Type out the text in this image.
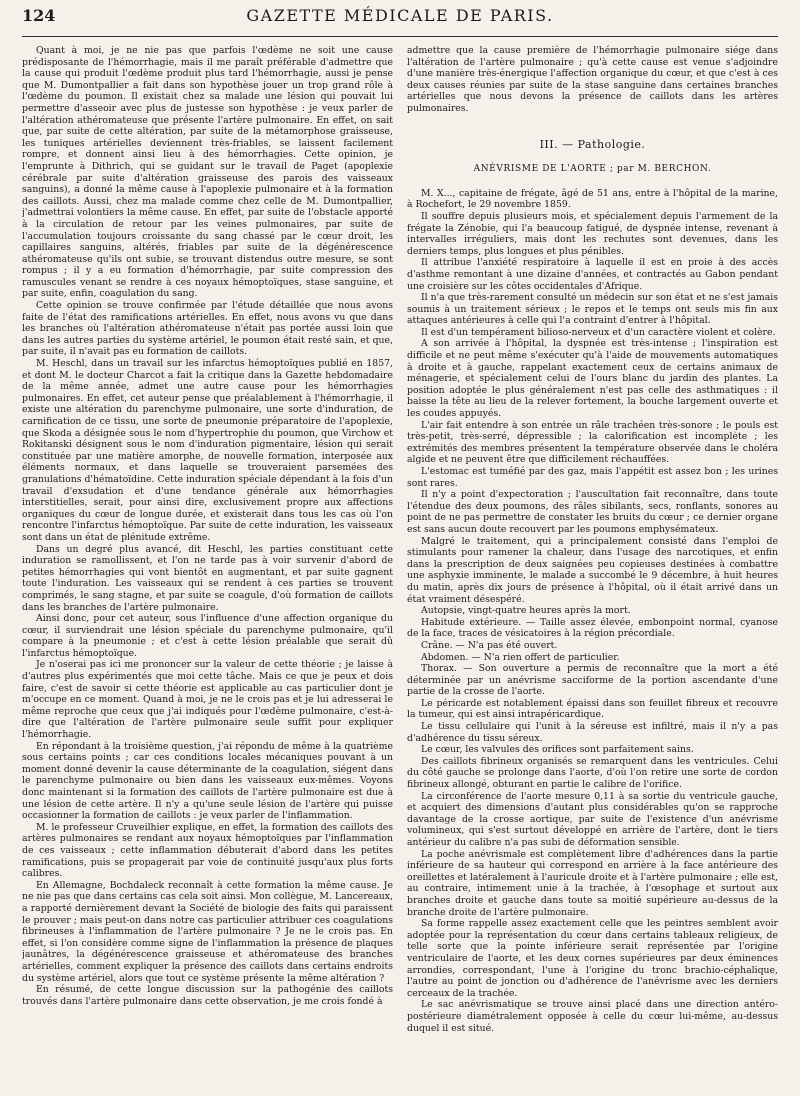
124	GAZETTE MÉDICALE DE PARIS.

Quant à moi, je ne nie pas que parfois l'œdème ne soit une cause prédisposante de l'hémorrhagie, mais il me paraît préférable d'admettre que la cause qui produit l'œdème produit plus tard l'hémorrhagie, aussi je pense que M. Dumontpallier a fait dans son hypothèse jouer un trop grand rôle à l'œdème du poumon. Il existait chez sa malade une lésion qui pouvait lui permettre d'asseoir avec plus de justesse son hypothèse : je veux parler de l'altération athéromateuse que présente l'artère pulmonaire. En effet, on sait que, par suite de cette altération, par suite de la métamorphose graisseuse, les tuniques artérielles deviennent très-friables, se laissent facilement rompre, et donnent ainsi lieu à des hémorrhagies. Cette opinion, je l'emprunte à Dithrich, qui se guidant sur le travail de Paget (apoplexie cérébrale par suite d'altération graisseuse des parois des vaisseaux sanguins), a donné la même cause à l'apoplexie pulmonaire et à la formation des caillots. Aussi, chez ma malade comme chez celle de M. Dumontpallier, j'admettrai volontiers la même cause. En effet, par suite de l'obstacle apporté à la circulation de retour par les veines pulmonaires, par suite de l'accumulation toujours croissante du sang chassé par le cœur droit, les capillaires sanguins, altérés, friables par suite de la dégénérescence athéromateuse qu'ils ont subie, se trouvant distendus outre mesure, se sont rompus ; il y a eu formation d'hémorrhagie, par suite compression des ramuscules venant se rendre à ces noyaux hémoptoïques, stase sanguine, et par suite, enfin, coagulation du sang.

Cette opinion se trouve confirmée par l'étude détaillée que nous avons faite de l'état des ramifications artérielles. En effet, nous avons vu que dans les branches où l'altération athéromateuse n'était pas portée aussi loin que dans les autres parties du système artériel, le poumon était resté sain, et que, par suite, il n'avait pas eu formation de caillots.

M. Heschl, dans un travail sur les infarctus hémoptoïques publié en 1857, et dont M. le docteur Charcot a fait la critique dans la Gazette hebdomadaire de la même année, admet une autre cause pour les hémorrhagies pulmonaires. En effet, cet auteur pense que préalablement à l'hémorrhagie, il existe une altération du parenchyme pulmonaire, une sorte d'induration, de carnification de ce tissu, une sorte de pneumonie préparatoire de l'apoplexie, que Skoda a désignée sous le nom d'hypertrophie du poumon, que Virchow et Rokitanski désignent sous le nom d'induration pigmentaire, lésion qui serait constituée par une matière amorphe, de nouvelle formation, interposée aux éléments normaux, et dans laquelle se trouveraient parsemées des granulations d'hématoïdine. Cette induration spéciale dépendant à la fois d'un travail d'exsudation et d'une tendance générale aux hémorrhagies interstitielles, serait, pour ainsi dire, exclusivement propre aux affections organiques du cœur de longue durée, et existerait dans tous les cas où l'on rencontre l'infarctus hémoptoïque. Par suite de cette induration, les vaisseaux sont dans un état de plénitude extrême.

Dans un degré plus avancé, dit Heschl, les parties constituant cette induration se ramollissent, et l'on ne tarde pas à voir survenir d'abord de petites hémorrhagies qui vont bientôt en augmentant, et par suite gagnent toute l'induration. Les vaisseaux qui se rendent à ces parties se trouvent comprimés, le sang stagne, et par suite se coagule, d'où formation de caillots dans les branches de l'artère pulmonaire.

Ainsi donc, pour cet auteur, sous l'influence d'une affection organique du cœur, il surviendrait une lésion spéciale du parenchyme pulmonaire, qu'il compare à la pneumonie ; et c'est à cette lésion préalable que serait dû l'infarctus hémoptoïque.

Je n'oserai pas ici me prononcer sur la valeur de cette théorie ; je laisse à d'autres plus expérimentés que moi cette tâche. Mais ce que je peux et dois faire, c'est de savoir si cette théorie est applicable au cas particulier dont je m'occupe en ce moment. Quand à moi, je ne le crois pas et je lui adresserai le même reproche que ceux que j'ai indiqués pour l'œdème pulmonaire, c'est-à-dire que l'altération de l'artère pulmonaire seule suffit pour expliquer l'hémorrhagie.

En répondant à la troisième question, j'ai répondu de même à la quatrième sous certains points ; car ces conditions locales mécaniques pouvant à un moment donné devenir la cause déterminante de la coagulation, siégent dans le parenchyme pulmonaire ou bien dans les vaisseaux eux-mêmes. Voyons donc maintenant si la formation des caillots de l'artère pulmonaire est due à une lésion de cette artère. Il n'y a qu'une seule lésion de l'artère qui puisse occasionner la formation de caillots : je veux parler de l'inflammation.

M. le professeur Cruveilhier explique, en effet, la formation des caillots des artères pulmonaires se rendant aux noyaux hémoptoïques par l'inflammation de ces vaisseaux ; cette inflammation débuterait d'abord dans les petites ramifications, puis se propagerait par voie de continuité jusqu'aux plus forts calibres.

En Allemagne, Bochdaleck reconnaît à cette formation la même cause. Je ne nie pas que dans certains cas cela soit ainsi. Mon collègue, M. Lancereaux, a rapporté dernièrement devant la Société de biologie des faits qui paraissent le prouver ; mais peut-on dans notre cas particulier attribuer ces coagulations fibrineuses à l'inflammation de l'artère pulmonaire ? Je ne le crois pas. En effet, si l'on considère comme signe de l'inflammation la présence de plaques jaunâtres, la dégénérescence graisseuse et athéromateuse des branches artérielles, comment expliquer la présence des caillots dans certains endroits du système artériel, alors que tout ce système présente la même altération ?

En résumé, de cette longue discussion sur la pathogénie des caillots trouvés dans l'artère pulmonaire dans cette observation, je me crois fondé à

admettre que la cause première de l'hémorrhagie pulmonaire siége dans l'altération de l'artère pulmonaire ; qu'à cette cause est venue s'adjoindre d'une manière très-énergique l'affection organique du cœur, et que c'est à ces deux causes réunies par suite de la stase sanguine dans certaines branches artérielles que nous devons la présence de caillots dans les artères pulmonaires.

III. — Pathologie.
ANÉVRISME DE L'AORTE ; par M. BERCHON.

M. X..., capitaine de frégate, âgé de 51 ans, entre à l'hôpital de la marine, à Rochefort, le 29 novembre 1859.

Il souffre depuis plusieurs mois, et spécialement depuis l'armement de la frégate la Zénobie, qui l'a beaucoup fatigué, de dyspnée intense, revenant à intervalles irréguliers, mais dont les rechutes sont devenues, dans les derniers temps, plus longues et plus pénibles.

Il attribue l'anxiété respiratoire à laquelle il est en proie à des accès d'asthme remontant à une dizaine d'années, et contractés au Gabon pendant une croisière sur les côtes occidentales d'Afrique.

Il n'a que très-rarement consulté un médecin sur son état et ne s'est jamais soumis à un traitement sérieux ; le repos et le temps ont seuls mis fin aux attaques antérieures à celle qui l'a contraint d'entrer à l'hôpital.

Il est d'un tempérament bilioso-nerveux et d'un caractère violent et colère.

A son arrivée à l'hôpital, la dyspnée est très-intense ; l'inspiration est difficile et ne peut même s'exécuter qu'à l'aide de mouvements automatiques à droite et à gauche, rappelant exactement ceux de certains animaux de ménagerie, et spécialement celui de l'ours blanc du jardin des plantes. La position adoptée le plus généralement n'est pas celle des asthmatiques : il baisse la tête au lieu de la relever fortement, la bouche largement ouverte et les coudes appuyés.

L'air fait entendre à son entrée un râle trachéen très-sonore ; le pouls est très-petit, très-serré, dépressible ; la calorification est incomplète ; les extrémités des membres présentent la température observée dans le choléra algide et ne peuvent être que difficilement réchauffées.

L'estomac est tuméfié par des gaz, mais l'appétit est assez bon ; les urines sont rares.

Il n'y a point d'expectoration ; l'auscultation fait reconnaître, dans toute l'étendue des deux poumons, des râles sibilants, secs, ronflants, sonores au point de ne pas permettre de constater les bruits du cœur ; ce dernier organe est sans aucun doute recouvert par les poumons emphysémateux.

Malgré le traitement, qui a principalement consisté dans l'emploi de stimulants pour ramener la chaleur, dans l'usage des narcotiques, et enfin dans la prescription de deux saignées peu copieuses destinées à combattre une asphyxie imminente, le malade a succombé le 9 décembre, à huit heures du matin, après dix jours de présence à l'hôpital, où il était arrivé dans un état vraiment désespéré.

Autopsie, vingt-quatre heures après la mort.

Habitude extérieure. — Taille assez élevée, embonpoint normal, cyanose de la face, traces de vésicatoires à la région précordiale.

Crâne. — N'a pas été ouvert.

Abdomen. — N'a rien offert de particulier.

Thorax. — Son ouverture a permis de reconnaître que la mort a été déterminée par un anévrisme sacciforme de la portion ascendante d'une partie de la crosse de l'aorte.

Le péricarde est notablement épaissi dans son feuillet fibreux et recouvre la tumeur, qui est ainsi intrapéricardique.

Le tissu cellulaire qui l'unit à la séreuse est infiltré, mais il n'y a pas d'adhérence du tissu séreux.

Le cœur, les valvules des orifices sont parfaitement sains.

Des caillots fibrineux organisés se remarquent dans les ventricules. Celui du côté gauche se prolonge dans l'aorte, d'où l'on retire une sorte de cordon fibrineux allongé, obturant en partie le calibre de l'orifice.

La circonférence de l'aorte mesure 0,11 à sa sortie du ventricule gauche, et acquiert des dimensions d'autant plus considérables qu'on se rapproche davantage de la crosse aortique, par suite de l'existence d'un anévrisme volumineux, qui s'est surtout développé en arrière de l'artère, dont le tiers antérieur du calibre n'a pas subi de déformation sensible.

La poche anévrismale est complètement libre d'adhérences dans la partie inférieure de sa hauteur qui correspond en arrière à la face antérieure des oreillettes et latéralement à l'auricule droite et à l'artère pulmonaire ; elle est, au contraire, intimement unie à la trachée, à l'œsophage et surtout aux branches droite et gauche dans toute sa moitié supérieure au-dessus de la branche droite de l'artère pulmonaire.

Sa forme rappelle assez exactement celle que les peintres semblent avoir adoptée pour la représentation du cœur dans certains tableaux religieux, de telle sorte que la pointe inférieure serait représentée par l'origine ventriculaire de l'aorte, et les deux cornes supérieures par deux éminences arrondies, correspondant, l'une à l'origine du tronc brachio-céphalique, l'autre au point de jonction ou d'adhérence de l'anévrisme avec les derniers cerceaux de la trachée.

Le sac anévrismatique se trouve ainsi placé dans une direction antéro-postérieure diamétralement opposée à celle du cœur lui-même, au-dessus duquel il est situé.
